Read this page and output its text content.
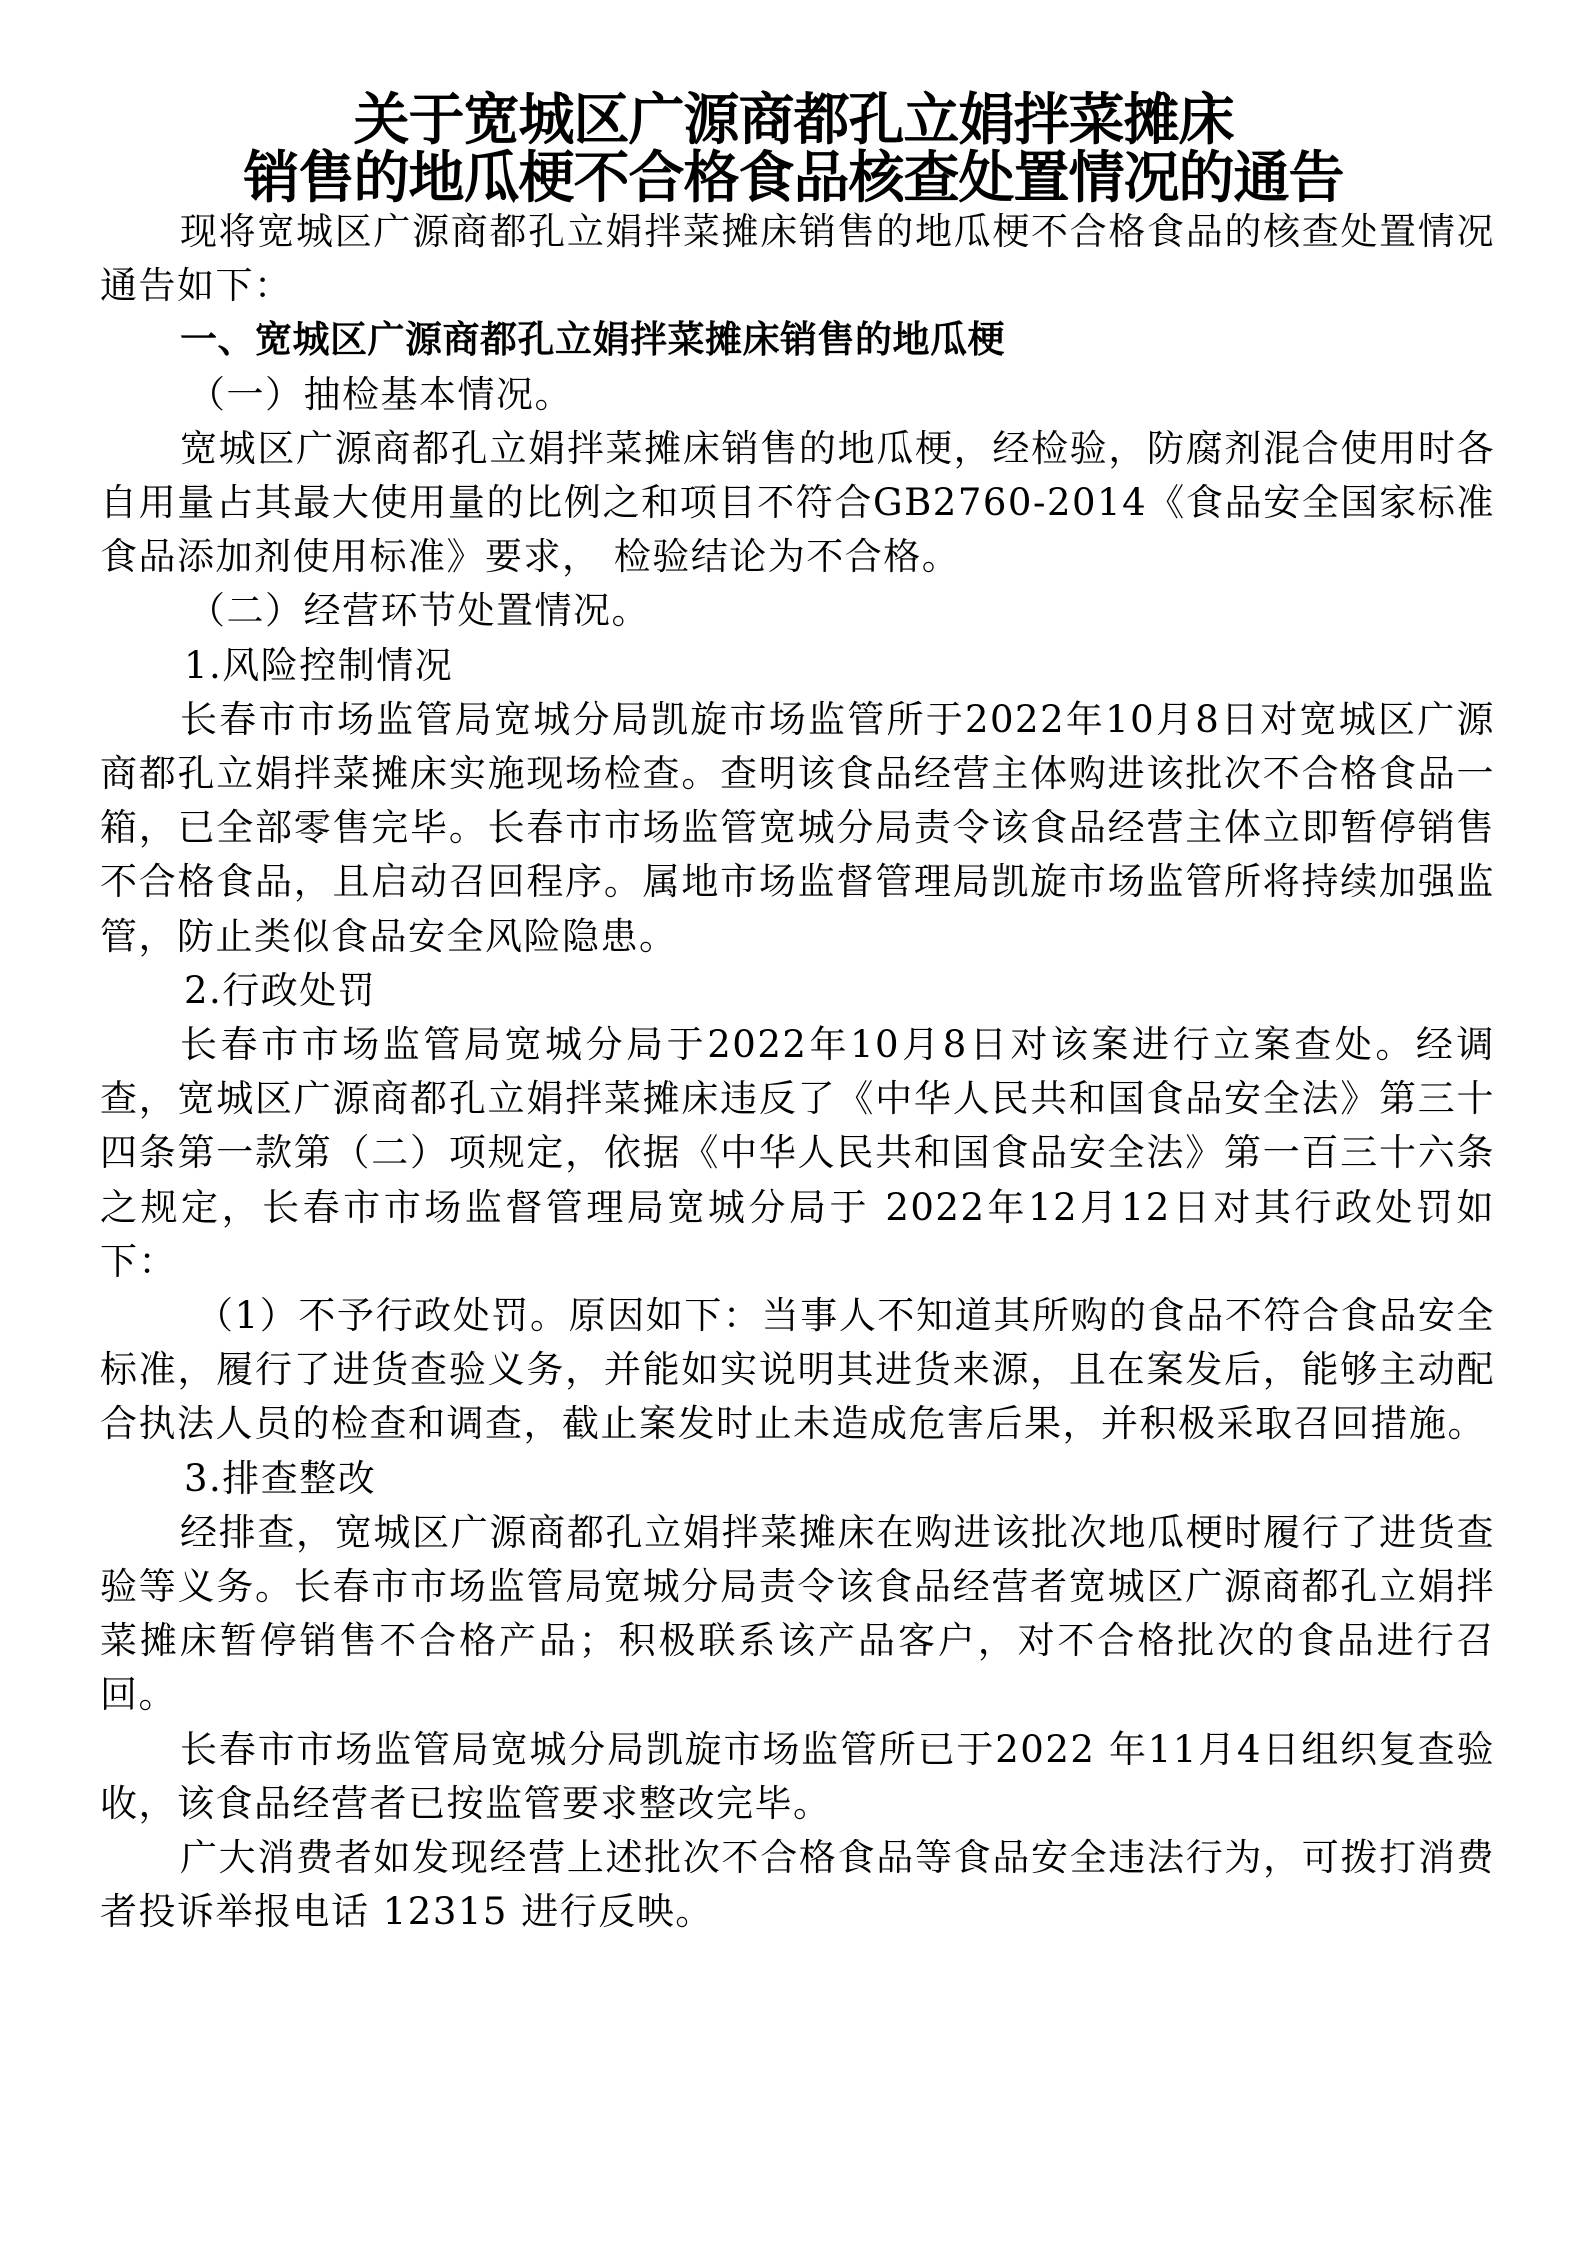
关于宽城区广源商都孔立娟拌菜摊床
销售的地瓜梗不合格食品核查处置情况的通告

现将宽城区广源商都孔立娟拌菜摊床销售的地瓜梗不合格食品的核查处置情况通告如下：

一、宽城区广源商都孔立娟拌菜摊床销售的地瓜梗

（一）抽检基本情况。

宽城区广源商都孔立娟拌菜摊床销售的地瓜梗，经检验，防腐剂混合使用时各自用量占其最大使用量的比例之和项目不符合GB2760-2014《食品安全国家标准 食品添加剂使用标准》要求， 检验结论为不合格。

（二）经营环节处置情况。

1.风险控制情况

长春市市场监管局宽城分局凯旋市场监管所于2022年10月8日对宽城区广源商都孔立娟拌菜摊床实施现场检查。查明该食品经营主体购进该批次不合格食品一箱，已全部零售完毕。长春市市场监管宽城分局责令该食品经营主体立即暂停销售不合格食品，且启动召回程序。属地市场监督管理局凯旋市场监管所将持续加强监管，防止类似食品安全风险隐患。

2.行政处罚

长春市市场监管局宽城分局于2022年10月8日对该案进行立案查处。经调查，宽城区广源商都孔立娟拌菜摊床违反了《中华人民共和国食品安全法》第三十四条第一款第（二）项规定，依据《中华人民共和国食品安全法》第一百三十六条之规定，长春市市场监督管理局宽城分局于 2022年12月12日对其行政处罚如下：

（1）不予行政处罚。原因如下：当事人不知道其所购的食品不符合食品安全标准，履行了进货查验义务，并能如实说明其进货来源，且在案发后，能够主动配合执法人员的检查和调查，截止案发时止未造成危害后果，并积极采取召回措施。

3.排查整改

经排查，宽城区广源商都孔立娟拌菜摊床在购进该批次地瓜梗时履行了进货查验等义务。长春市市场监管局宽城分局责令该食品经营者宽城区广源商都孔立娟拌菜摊床暂停销售不合格产品；积极联系该产品客户，对不合格批次的食品进行召回。

长春市市场监管局宽城分局凯旋市场监管所已于2022 年11月4日组织复查验收，该食品经营者已按监管要求整改完毕。

广大消费者如发现经营上述批次不合格食品等食品安全违法行为，可拨打消费者投诉举报电话 12315 进行反映。
